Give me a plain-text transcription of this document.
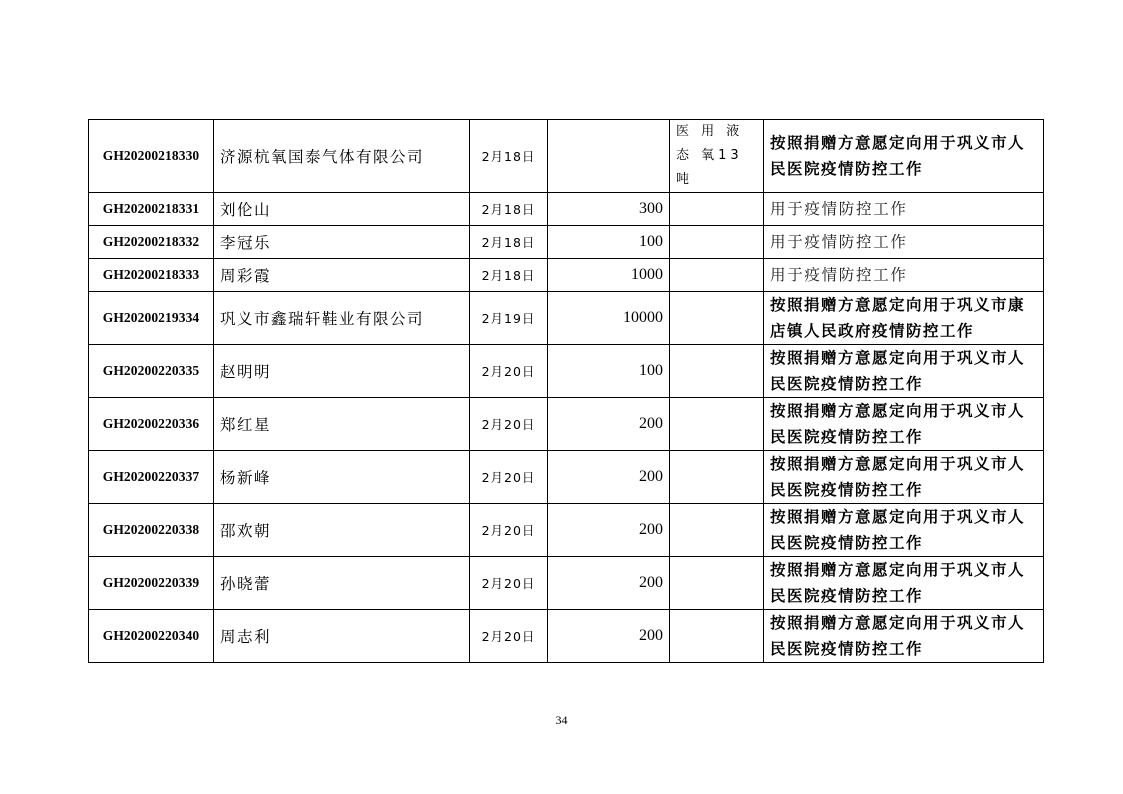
GH20200218330	济源杭氧国泰气体有限公司	2月18日		医 用 液 态 氧13吨	按照捐赠方意愿定向用于巩义市人民医院疫情防控工作
GH20200218331	刘伦山	2月18日	300		用于疫情防控工作
GH20200218332	李冠乐	2月18日	100		用于疫情防控工作
GH20200218333	周彩霞	2月18日	1000		用于疫情防控工作
GH20200219334	巩义市鑫瑞轩鞋业有限公司	2月19日	10000		按照捐赠方意愿定向用于巩义市康店镇人民政府疫情防控工作
GH20200220335	赵明明	2月20日	100		按照捐赠方意愿定向用于巩义市人民医院疫情防控工作
GH20200220336	郑红星	2月20日	200		按照捐赠方意愿定向用于巩义市人民医院疫情防控工作
GH20200220337	杨新峰	2月20日	200		按照捐赠方意愿定向用于巩义市人民医院疫情防控工作
GH20200220338	邵欢朝	2月20日	200		按照捐赠方意愿定向用于巩义市人民医院疫情防控工作
GH20200220339	孙晓蕾	2月20日	200		按照捐赠方意愿定向用于巩义市人民医院疫情防控工作
GH20200220340	周志利	2月20日	200		按照捐赠方意愿定向用于巩义市人民医院疫情防控工作
34
